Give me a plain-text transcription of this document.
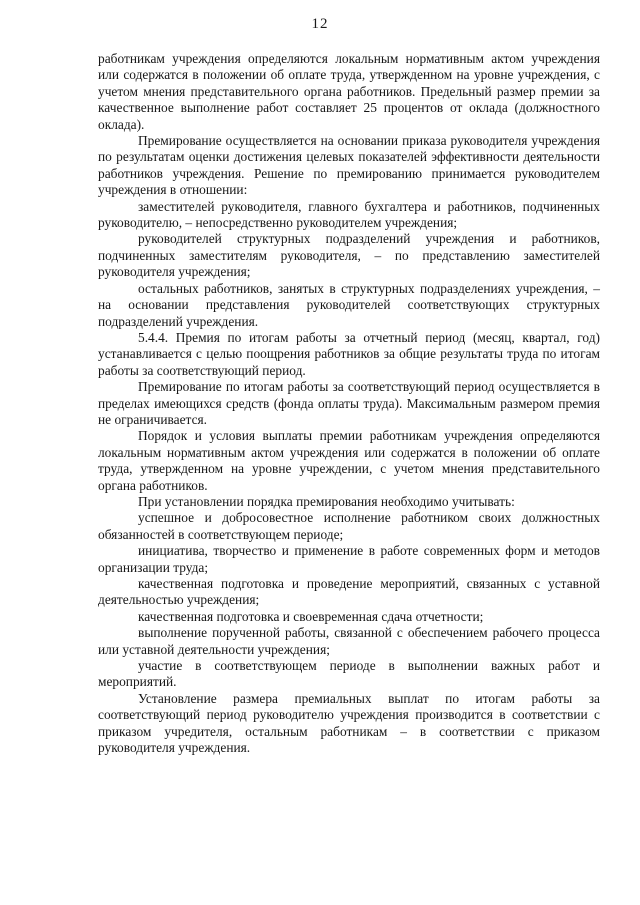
12

работникам учреждения определяются локальным нормативным актом учреждения или содержатся в положении об оплате труда, утвержденном на уровне учреждения, с учетом мнения представительного органа работников. Предельный размер премии за качественное выполнение работ составляет 25 процентов от оклада (должностного оклада).

Премирование осуществляется на основании приказа руководителя учреждения по результатам оценки достижения целевых показателей эффективности деятельности работников учреждения. Решение по премированию принимается руководителем учреждения в отношении:

заместителей руководителя, главного бухгалтера и работников, подчиненных руководителю, – непосредственно руководителем учреждения;

руководителей структурных подразделений учреждения и работников, подчиненных заместителям руководителя, – по представлению заместителей руководителя учреждения;

остальных работников, занятых в структурных подразделениях учреждения, – на основании представления руководителей соответствующих структурных подразделений учреждения.

5.4.4. Премия по итогам работы за отчетный период (месяц, квартал, год) устанавливается с целью поощрения работников за общие результаты труда по итогам работы за соответствующий период.

Премирование по итогам работы за соответствующий период осуществляется в пределах имеющихся средств (фонда оплаты труда). Максимальным размером премия не ограничивается.

Порядок и условия выплаты премии работникам учреждения определяются локальным нормативным актом учреждения или содержатся в положении об оплате труда, утвержденном на уровне учреждении, с учетом мнения представительного органа работников.

При установлении порядка премирования необходимо учитывать:

успешное и добросовестное исполнение работником своих должностных обязанностей в соответствующем периоде;

инициатива, творчество и применение в работе современных форм и методов организации труда;

качественная подготовка и проведение мероприятий, связанных с уставной деятельностью учреждения;

качественная подготовка и своевременная сдача отчетности;

выполнение порученной работы, связанной с обеспечением рабочего процесса или уставной деятельности учреждения;

участие в соответствующем периоде в выполнении важных работ и мероприятий.

Установление размера премиальных выплат по итогам работы за соответствующий период руководителю учреждения производится в соответствии с приказом учредителя, остальным работникам – в соответствии с приказом руководителя учреждения.
